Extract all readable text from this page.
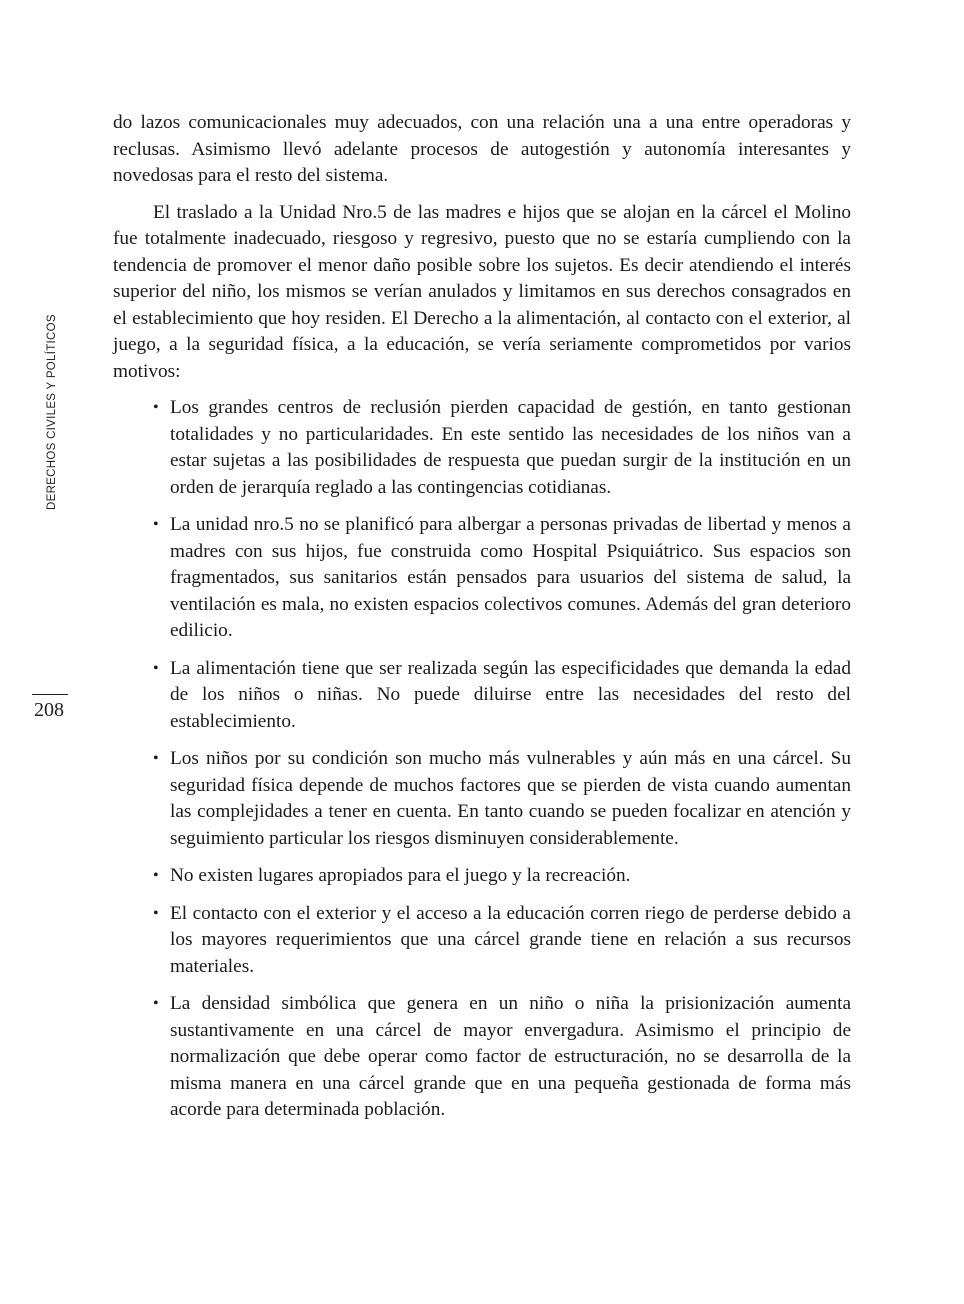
DERECHOS CIVILES Y POLÍTICOS
208

do lazos comunicacionales muy adecuados, con una relación una a una entre operadoras y reclusas. Asimismo llevó adelante procesos de autogestión y autonomía interesantes y novedosas para el resto del sistema.

El traslado a la Unidad Nro.5 de las madres e hijos que se alojan en la cárcel el Molino fue totalmente inadecuado, riesgoso y regresivo, puesto que no se estaría cumpliendo con la tendencia de promover el menor daño posible sobre los sujetos. Es decir atendiendo el interés superior del niño, los mismos se verían anulados y limitamos en sus derechos consagrados en el establecimiento que hoy residen. El Derecho a la alimentación, al contacto con el exterior, al juego, a la seguridad física, a la educación, se vería seriamente comprometidos por varios motivos:

• Los grandes centros de reclusión pierden capacidad de gestión, en tanto gestionan totalidades y no particularidades. En este sentido las necesidades de los niños van a estar sujetas a las posibilidades de respuesta que puedan surgir de la institución en un orden de jerarquía reglado a las contingencias cotidianas.
• La unidad nro.5 no se planificó para albergar a personas privadas de libertad y menos a madres con sus hijos, fue construida como Hospital Psiquiátrico. Sus espacios son fragmentados, sus sanitarios están pensados para usuarios del sistema de salud, la ventilación es mala, no existen espacios colectivos comunes. Además del gran deterioro edilicio.
• La alimentación tiene que ser realizada según las especificidades que demanda la edad de los niños o niñas. No puede diluirse entre las necesidades del resto del establecimiento.
• Los niños por su condición son mucho más vulnerables y aún más en una cárcel. Su seguridad física depende de muchos factores que se pierden de vista cuando aumentan las complejidades a tener en cuenta. En tanto cuando se pueden focalizar en atención y seguimiento particular los riesgos disminuyen considerablemente.
• No existen lugares apropiados para el juego y la recreación.
• El contacto con el exterior y el acceso a la educación corren riego de perderse debido a los mayores requerimientos que una cárcel grande tiene en relación a sus recursos materiales.
• La densidad simbólica que genera en un niño o niña la prisionización aumenta sustantivamente en una cárcel de mayor envergadura. Asimismo el principio de normalización que debe operar como factor de estructuración, no se desarrolla de la misma manera en una cárcel grande que en una pequeña gestionada de forma más acorde para determinada población.
